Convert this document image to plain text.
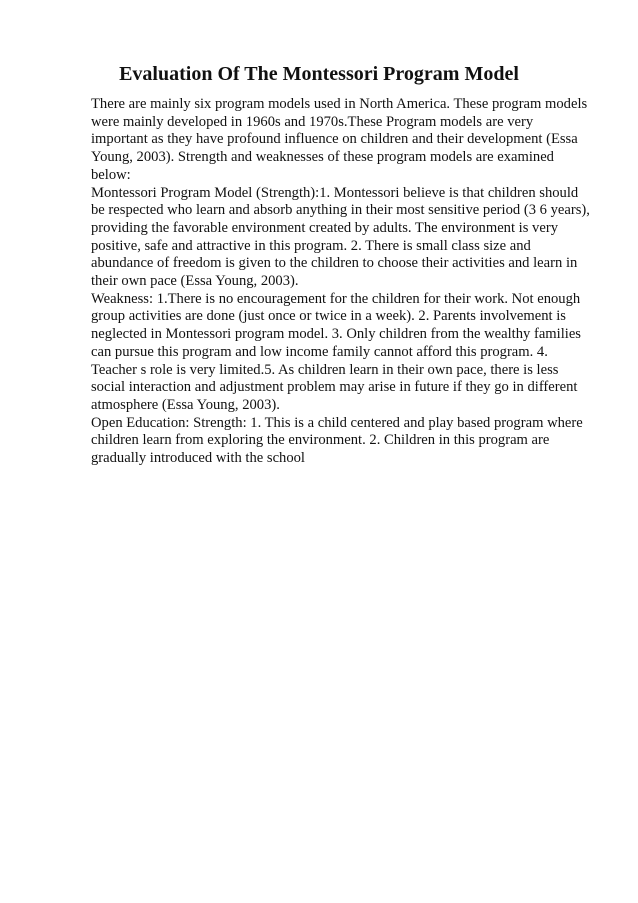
Evaluation Of The Montessori Program Model
There are mainly six program models used in North America. These program models
were mainly developed in 1960s and 1970s.These Program models are very
important as they have profound influence on children and their development (Essa
Young, 2003). Strength and weaknesses of these program models are examined
below:
Montessori Program Model (Strength):1. Montessori believe is that children should
be respected who learn and absorb anything in their most sensitive period (3 6 years),
providing the favorable environment created by adults. The environment is very
positive, safe and attractive in this program. 2. There is small class size and
abundance of freedom is given to the children to choose their activities and learn in
their own pace (Essa Young, 2003).
Weakness: 1.There is no encouragement for the children for their work. Not enough
group activities are done (just once or twice in a week). 2. Parents involvement is
neglected in Montessori program model. 3. Only children from the wealthy families
can pursue this program and low income family cannot afford this program. 4.
Teacher s role is very limited.5. As children learn in their own pace, there is less
social interaction and adjustment problem may arise in future if they go in different
atmosphere (Essa Young, 2003).
Open Education: Strength: 1. This is a child centered and play based program where
children learn from exploring the environment. 2. Children in this program are
gradually introduced with the school
